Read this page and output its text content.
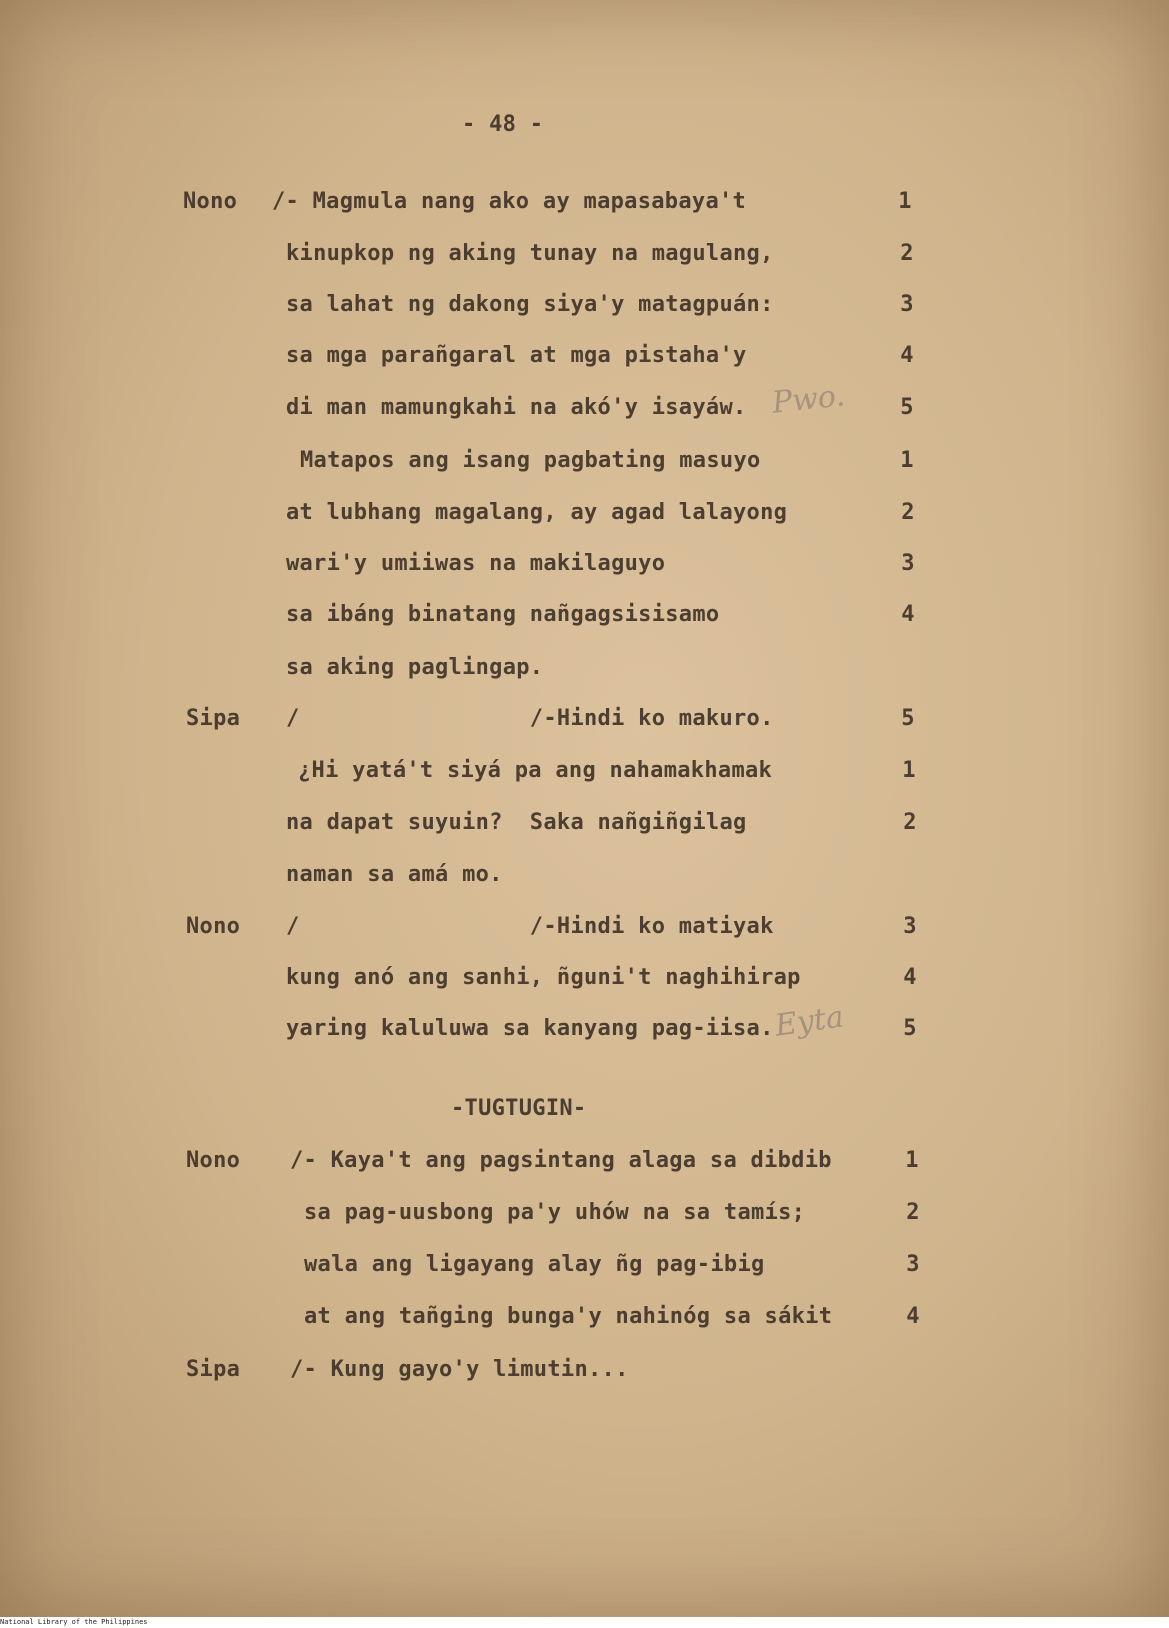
- 48 -
Nono /- Magmula nang ako ay mapasabaya't	1
kinupkop ng aking tunay na magulang,	2
sa lahat ng dakong siya'y matagpuán:	3
sa mga parañgaral at mga pistaha'y	4
di man mamungkahi na akó'y isayáw. Pwo.	5
Matapos ang isang pagbating masuyo	1
at lubhang magalang, ay agad lalayong	2
wari'y umiiwas na makilaguyo	3
sa ibáng binatang nañgagsisisamo	4
sa aking paglingap.
Sipa /                 /-Hindi ko makuro.	5
¿Hi yatá't siyá pa ang nahamakhamak	1
na dapat suyuin?  Saka nañgiñgilag	2
naman sa amá mo.
Nono /                 /-Hindi ko matiyak	3
kung anó ang sanhi, ñguni't naghihirap	4
yaring kaluluwa sa kanyang pag-iisa. Eyta	5
-TUGTUGIN-
Nono /- Kaya't ang pagsintang alaga sa dibdib	1
sa pag-uusbong pa'y uhów na sa tamís;	2
wala ang ligayang alay ñg pag-ibig	3
at ang tañging bunga'y nahinóg sa sákit	4
Sipa /- Kung gayo'y limutin...
National Library of the Philippines
